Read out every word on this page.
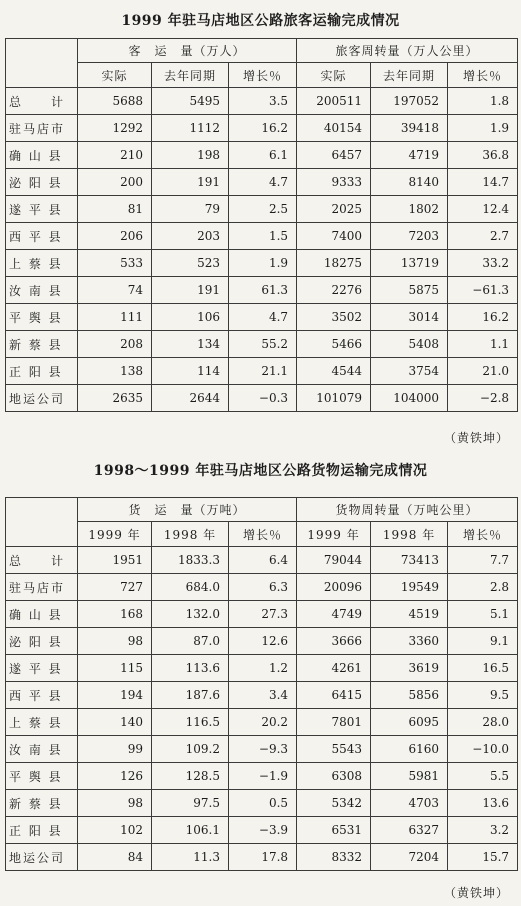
1999 年驻马店地区公路旅客运输完成情况
	客　运　量（万人）			旅客周转量（万人公里）		
	实际	去年同期	增长％	实际	去年同期	增长％
总　　计	5688	5495	3.5	200511	197052	1.8
驻马店市	1292	1112	16.2	40154	39418	1.9
确 山 县	210	198	6.1	6457	4719	36.8
泌 阳 县	200	191	4.7	9333	8140	14.7
遂 平 县	81	79	2.5	2025	1802	12.4
西 平 县	206	203	1.5	7400	7203	2.7
上 蔡 县	533	523	1.9	18275	13719	33.2
汝 南 县	74	191	61.3	2276	5875	−61.3
平 舆 县	111	106	4.7	3502	3014	16.2
新 蔡 县	208	134	55.2	5466	5408	1.1
正 阳 县	138	114	21.1	4544	3754	21.0
地运公司	2635	2644	−0.3	101079	104000	−2.8
（黄铁坤）
1998～1999 年驻马店地区公路货物运输完成情况
	货　运　量（万吨）			货物周转量（万吨公里）		
	1999 年	1998 年	增长％	1999 年	1998 年	增长％
总　　计	1951	1833.3	6.4	79044	73413	7.7
驻马店市	727	684.0	6.3	20096	19549	2.8
确 山 县	168	132.0	27.3	4749	4519	5.1
泌 阳 县	98	87.0	12.6	3666	3360	9.1
遂 平 县	115	113.6	1.2	4261	3619	16.5
西 平 县	194	187.6	3.4	6415	5856	9.5
上 蔡 县	140	116.5	20.2	7801	6095	28.0
汝 南 县	99	109.2	−9.3	5543	6160	−10.0
平 舆 县	126	128.5	−1.9	6308	5981	5.5
新 蔡 县	98	97.5	0.5	5342	4703	13.6
正 阳 县	102	106.1	−3.9	6531	6327	3.2
地运公司	84	11.3	17.8	8332	7204	15.7
（黄铁坤）
